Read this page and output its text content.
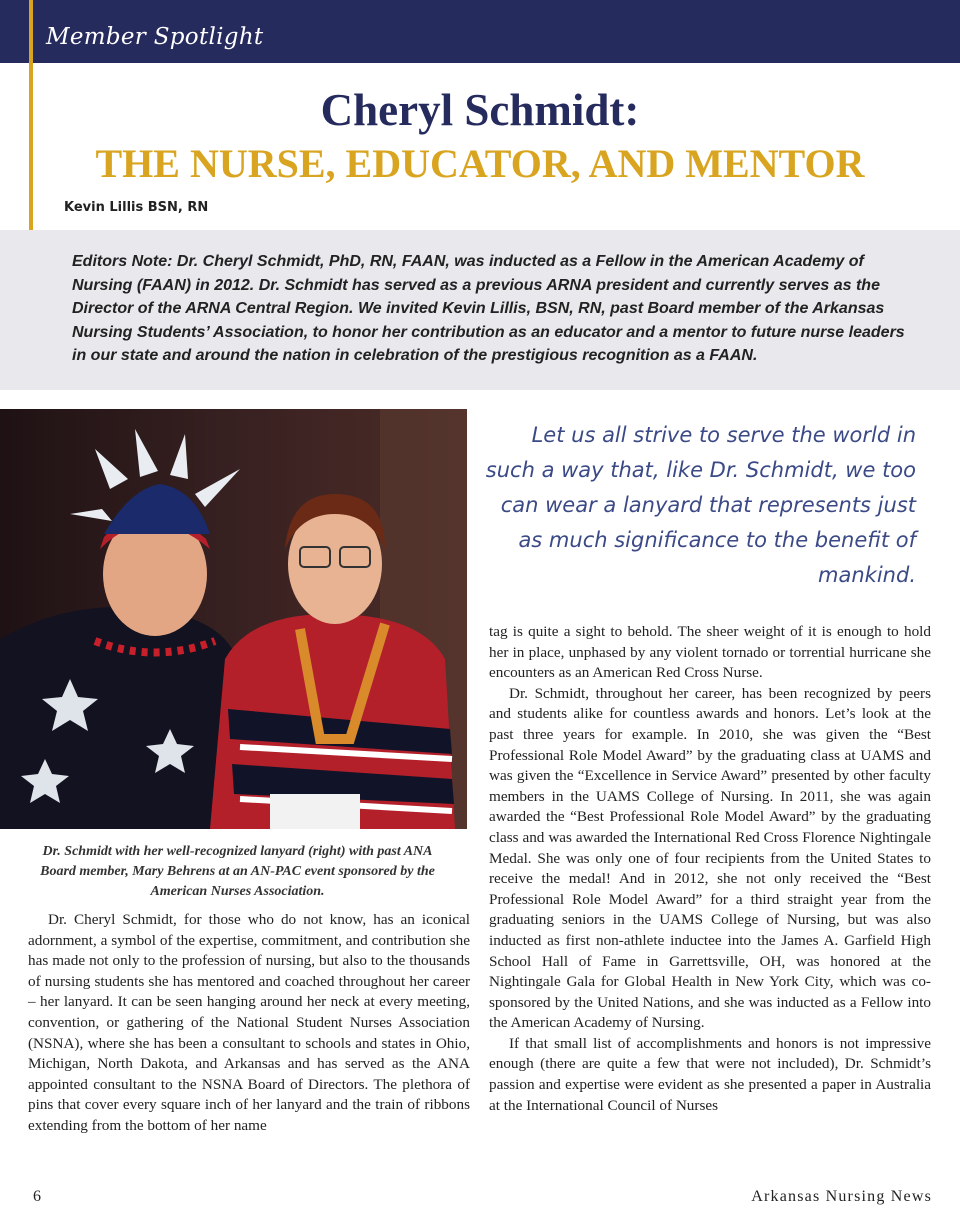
Member Spotlight
Cheryl Schmidt:
THE NURSE, EDUCATOR, AND MENTOR
Kevin Lillis BSN, RN
Editors Note: Dr. Cheryl Schmidt, PhD, RN, FAAN, was inducted as a Fellow in the American Academy of Nursing (FAAN) in 2012. Dr. Schmidt has served as a previous ARNA president and currently serves as the Director of the ARNA Central Region. We invited Kevin Lillis, BSN, RN, past Board member of the Arkansas Nursing Students’ Association, to honor her contribution as an educator and a mentor to future nurse leaders in our state and around the nation in celebration of the prestigious recognition as a FAAN.
Dr. Schmidt with her well-recognized lanyard (right) with past ANA Board member, Mary Behrens at an AN-PAC event sponsored by the American Nurses Association.
Let us all strive to serve the world in such a way that, like Dr. Schmidt, we too can wear a lanyard that represents just as much significance to the benefit of mankind.

Dr. Cheryl Schmidt, for those who do not know, has an iconical adornment, a symbol of the expertise, commitment, and contribution she has made not only to the profession of nursing, but also to the thousands of nursing students she has mentored and coached throughout her career – her lanyard. It can be seen hanging around her neck at every meeting, convention, or gathering of the National Student Nurses Association (NSNA), where she has been a consultant to schools and states in Ohio, Michigan, North Dakota, and Arkansas and has served as the ANA appointed consultant to the NSNA Board of Directors. The plethora of pins that cover every square inch of her lanyard and the train of ribbons extending from the bottom of her name

tag is quite a sight to behold. The sheer weight of it is enough to hold her in place, unphased by any violent tornado or torrential hurricane she encounters as an American Red Cross Nurse.

Dr. Schmidt, throughout her career, has been recognized by peers and students alike for countless awards and honors. Let’s look at the past three years for example. In 2010, she was given the “Best Professional Role Model Award” by the graduating class at UAMS and was given the “Excellence in Service Award” presented by other faculty members in the UAMS College of Nursing. In 2011, she was again awarded the “Best Professional Role Model Award” by the graduating class and was awarded the International Red Cross Florence Nightingale Medal. She was only one of four recipients from the United States to receive the medal! And in 2012, she not only received the “Best Professional Role Model Award” for a third straight year from the graduating seniors in the UAMS College of Nursing, but was also inducted as first non-athlete inductee into the James A. Garfield High School Hall of Fame in Garrettsville, OH, was honored at the Nightingale Gala for Global Health in New York City, which was co-sponsored by the United Nations, and she was inducted as a Fellow into the American Academy of Nursing.

If that small list of accomplishments and honors is not impressive enough (there are quite a few that were not included), Dr. Schmidt’s passion and expertise were evident as she presented a paper in Australia at the International Council of Nurses

6	Arkansas Nursing News
